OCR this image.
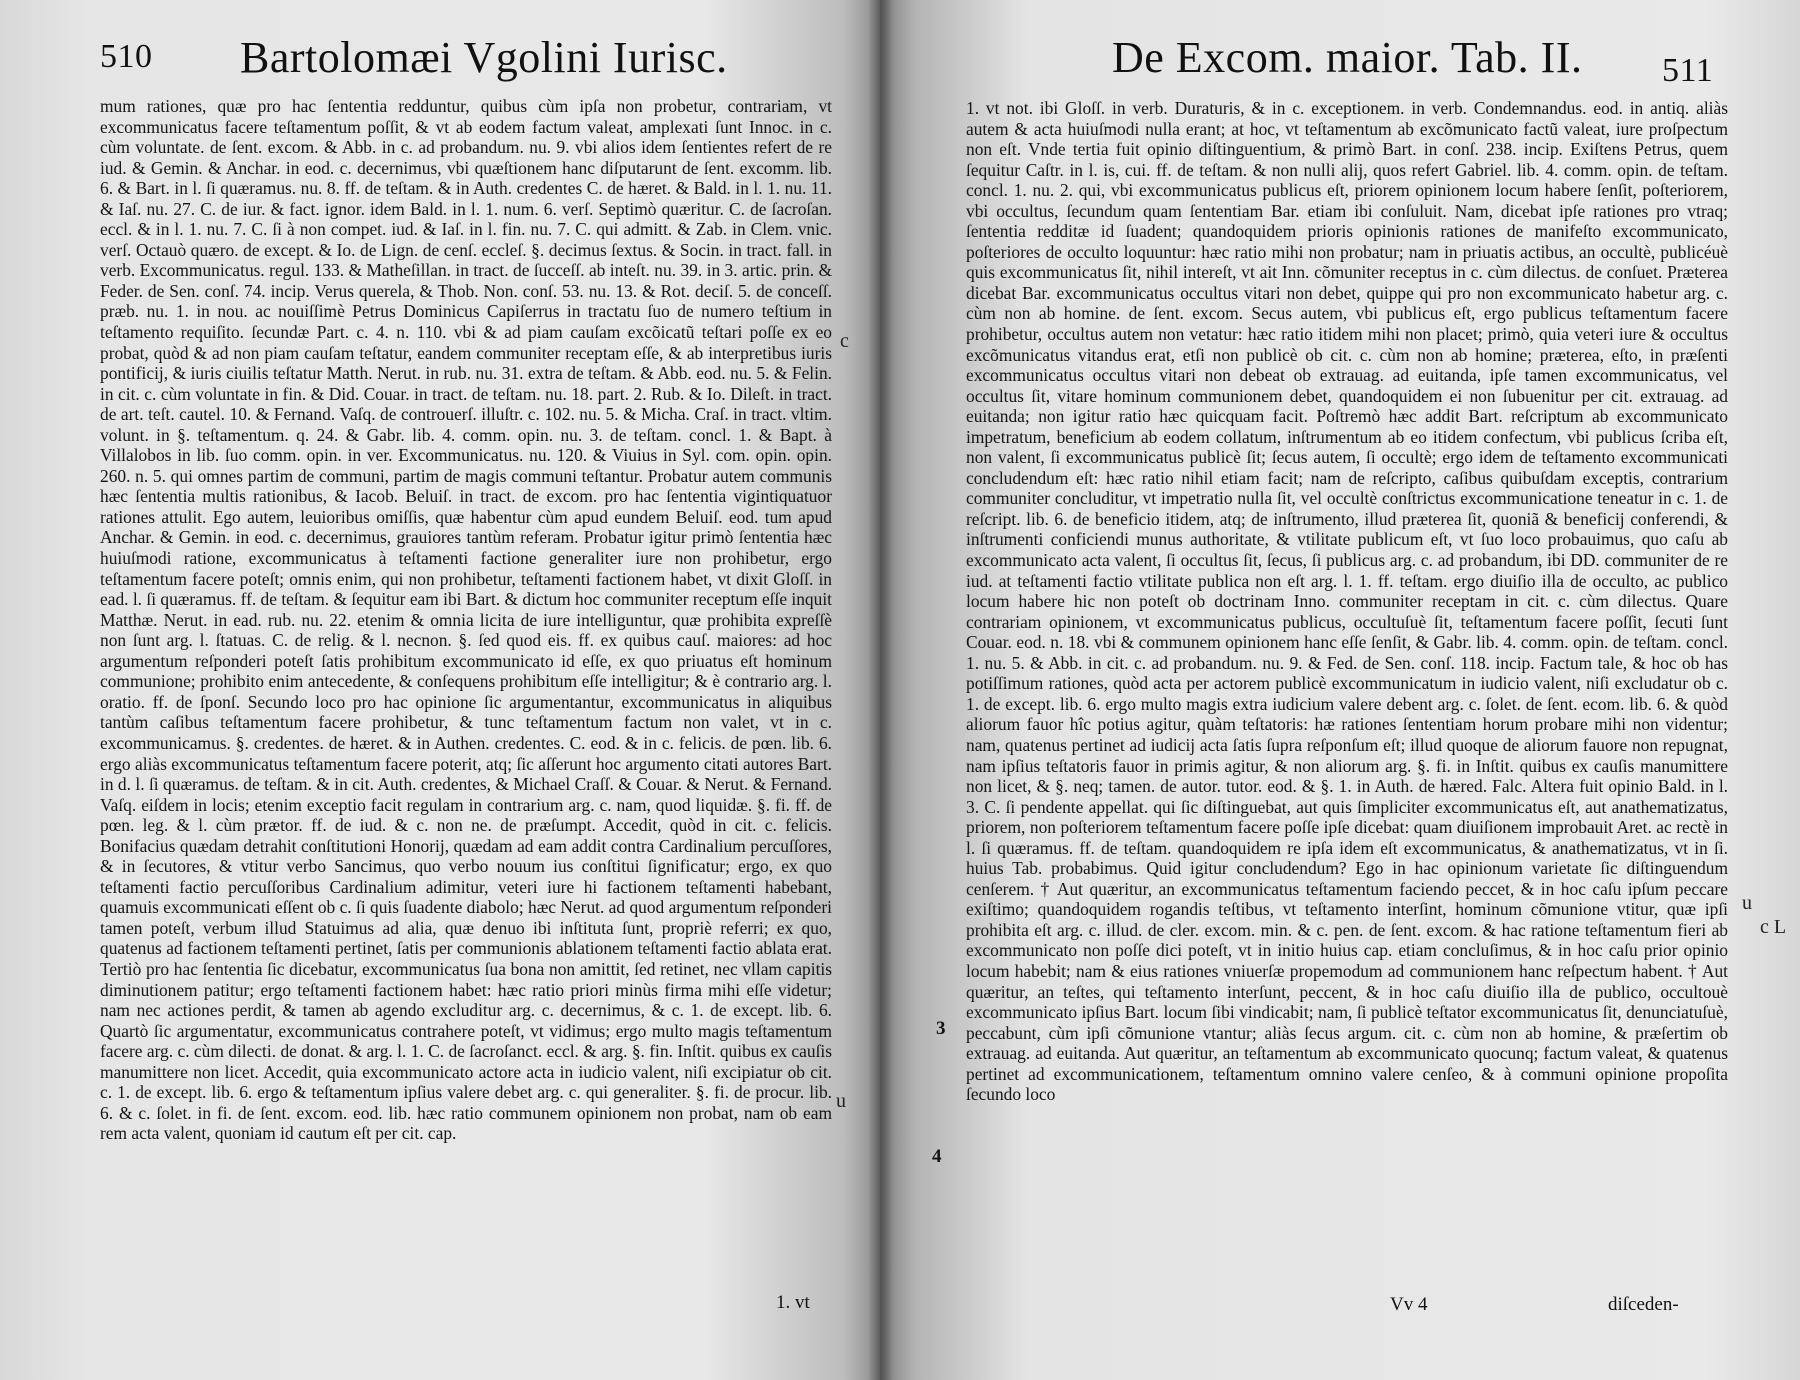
510 Bartolomæi Vgolini Iurisc.

mum rationes, quæ pro hac ſententia redduntur, quibus cùm ipſa non probetur, contrariam, vt excommunicatus facere teſtamentum poſſit, & vt ab eodem factum valeat, amplexati ſunt Innoc. in c. cùm voluntate. de ſent. excom. & Abb. in c. ad probandum. nu. 9. vbi alios idem ſentientes refert de re iud. & Gemin. & Anchar. in eod. c. decernimus, vbi quæſtionem hanc diſputarunt de ſent. excomm. lib. 6. & Bart. in l. ſi quæramus. nu. 8. ff. de teſtam. & in Auth. credentes C. de hæret. & Bald. in l. 1. nu. 11. & Iaſ. nu. 27. C. de iur. & fact. ignor. idem Bald. in l. 1. num. 6. verſ. Septimò quæritur. C. de ſacroſan. eccl. & in l. 1. nu. 7. C. ſi à non compet. iud. & Iaſ. in l. fin. nu. 7. C. qui admitt. & Zab. in Clem. vnic. verſ. Octauò quæro. de except. & Io. de Lign. de cenſ. eccleſ. §. decimus ſextus. & Socin. in tract. fall. in verb. Excommunicatus. regul. 133. & Matheſillan. in tract. de ſucceſſ. ab inteſt. nu. 39. in 3. artic. prin. & Feder. de Sen. conſ. 74. incip. Verus querela, & Thob. Non. conſ. 53. nu. 13. & Rot. deciſ. 5. de conceſſ. præb. nu. 1. in nou. ac nouiſſimè Petrus Dominicus Capiſerrus in tractatu ſuo de numero teſtium in teſtamento requiſito. ſecundæ Part. c. 4. n. 110. vbi & ad piam cauſam excõicatũ teſtari poſſe ex eo probat, quòd & ad non piam cauſam teſtatur, eandem communiter receptam eſſe, & ab interpretibus iuris pontificij, & iuris ciuilis teſtatur Matth. Nerut. in rub. nu. 31. extra de teſtam. & Abb. eod. nu. 5. & Felin. in cit. c. cùm voluntate in fin. & Did. Couar. in tract. de teſtam. nu. 18. part. 2. Rub. & Io. Dileſt. in tract. de art. teſt. cautel. 10. & Fernand. Vaſq. de controuerſ. illuſtr. c. 102. nu. 5. & Micha. Craſ. in tract. vltim. volunt. in §. teſtamentum. q. 24. & Gabr. lib. 4. comm. opin. nu. 3. de teſtam. concl. 1. & Bapt. à Villalobos in lib. ſuo comm. opin. in ver. Excommunicatus. nu. 120. & Viuius in Syl. com. opin. opin. 260. n. 5. qui omnes partim de communi, partim de magis communi teſtantur. Probatur autem communis hæc ſententia multis rationibus, & Iacob. Beluiſ. in tract. de excom. pro hac ſententia vigintiquatuor rationes attulit. Ego autem, leuioribus omiſſis, quæ habentur cùm apud eundem Beluiſ. eod. tum apud Anchar. & Gemin. in eod. c. decernimus, grauiores tantùm referam. Probatur igitur primò ſententia hæc huiuſmodi ratione, excommunicatus à teſtamenti factione generaliter iure non prohibetur, ergo teſtamentum facere poteſt; omnis enim, qui non prohibetur, teſtamenti factionem habet, vt dixit Gloſſ. in ead. l. ſi quæramus. ff. de teſtam. & ſequitur eam ibi Bart. & dictum hoc communiter receptum eſſe inquit Matthæ. Nerut. in ead. rub. nu. 22. etenim & omnia licita de iure intelliguntur, quæ prohibita expreſſè non ſunt arg. l. ſtatuas. C. de relig. & l. necnon. §. ſed quod eis. ff. ex quibus cauſ. maiores: ad hoc argumentum reſponderi poteſt ſatis prohibitum excommunicato id eſſe, ex quo priuatus eſt hominum communione; prohibito enim antecedente, & conſequens prohibitum eſſe intelligitur; & è contrario arg. l. oratio. ff. de ſponſ. Secundo loco pro hac opinione ſic argumentantur, excommunicatus in aliquibus tantùm caſibus teſtamentum facere prohibetur, & tunc teſtamentum factum non valet, vt in c. excommunicamus. §. credentes. de hæret. & in Authen. credentes. C. eod. & in c. felicis. de pœn. lib. 6. ergo aliàs excommunicatus teſtamentum facere poterit, atq; ſic aſſerunt hoc argumento citati autores Bart. in d. l. ſi quæramus. de teſtam. & in cit. Auth. credentes, & Michael Craſſ. & Couar. & Nerut. & Fernand. Vaſq. eiſdem in locis; etenim exceptio facit regulam in contrarium arg. c. nam, quod liquidæ. §. fi. ff. de pœn. leg. & l. cùm prætor. ff. de iud. & c. non ne. de præſumpt. Accedit, quòd in cit. c. felicis. Bonifacius quædam detrahit conſtitutioni Honorij, quædam ad eam addit contra Cardinalium percuſſores, & in ſecutores, & vtitur verbo Sancimus, quo verbo nouum ius conſtitui ſignificatur; ergo, ex quo teſtamenti factio percuſſoribus Cardinalium adimitur, veteri iure hi factionem teſtamenti habebant, quamuis excommunicati eſſent ob c. ſi quis ſuadente diabolo; hæc Nerut. ad quod argumentum reſponderi tamen poteſt, verbum illud Statuimus ad alia, quæ denuo ibi inſtituta ſunt, propriè referri; ex quo, quatenus ad factionem teſtamenti pertinet, ſatis per communionis ablationem teſtamenti factio ablata erat. Tertiò pro hac ſententia ſic dicebatur, excommunicatus ſua bona non amittit, ſed retinet, nec vllam capitis diminutionem patitur; ergo teſtamenti factionem habet: hæc ratio priori minùs firma mihi eſſe videtur; nam nec actiones perdit, & tamen ab agendo excluditur arg. c. decernimus, & c. 1. de except. lib. 6. Quartò ſic argumentatur, excommunicatus contrahere poteſt, vt vidimus; ergo multo magis teſtamentum facere arg. c. cùm dilecti. de donat. & arg. l. 1. C. de ſacroſanct. eccl. & arg. §. fin. Inſtit. quibus ex cauſis manumittere non licet. Accedit, quia excommunicato actore acta in iudicio valent, niſi excipiatur ob cit. c. 1. de except. lib. 6. ergo & teſtamentum ipſius valere debet arg. c. qui generaliter. §. fi. de procur. lib. 6. & c. ſolet. in fi. de ſent. excom. eod. lib. hæc ratio communem opinionem non probat, nam ob eam rem acta valent, quoniam id cautum eſt per cit. cap.

1. vt
c
u
De Excom. maior. Tab. II. 511

1. vt not. ibi Gloſſ. in verb. Duraturis, & in c. exceptionem. in verb. Condemnandus. eod. in antiq. aliàs autem & acta huiuſmodi nulla erant; at hoc, vt teſtamentum ab excõmunicato factũ valeat, iure proſpectum non eſt. Vnde tertia fuit opinio diſtinguentium, & primò Bart. in conſ. 238. incip. Exiſtens Petrus, quem ſequitur Caſtr. in l. is, cui. ff. de teſtam. & non nulli alij, quos refert Gabriel. lib. 4. comm. opin. de teſtam. concl. 1. nu. 2. qui, vbi excommunicatus publicus eſt, priorem opinionem locum habere ſenſit, poſteriorem, vbi occultus, ſecundum quam ſententiam Bar. etiam ibi conſuluit. Nam, dicebat ipſe rationes pro vtraq; ſententia redditæ id ſuadent; quandoquidem prioris opinionis rationes de manifeſto excommunicato, poſteriores de occulto loquuntur: hæc ratio mihi non probatur; nam in priuatis actibus, an occultè, publicéuè quis excommunicatus ſit, nihil intereſt, vt ait Inn. cõmuniter receptus in c. cùm dilectus. de conſuet. Præterea dicebat Bar. excommunicatus occultus vitari non debet, quippe qui pro non excommunicato habetur arg. c. cùm non ab homine. de ſent. excom. Secus autem, vbi publicus eſt, ergo publicus teſtamentum facere prohibetur, occultus autem non vetatur: hæc ratio itidem mihi non placet; primò, quia veteri iure & occultus excõmunicatus vitandus erat, etſi non publicè ob cit. c. cùm non ab homine; præterea, eſto, in præſenti excommunicatus occultus vitari non debeat ob extrauag. ad euitanda, ipſe tamen excommunicatus, vel occultus ſit, vitare hominum communionem debet, quandoquidem ei non ſubuenitur per cit. extrauag. ad euitanda; non igitur ratio hæc quicquam facit. Poſtremò hæc addit Bart. reſcriptum ab excommunicato impetratum, beneficium ab eodem collatum, inſtrumentum ab eo itidem confectum, vbi publicus ſcriba eſt, non valent, ſi excommunicatus publicè ſit; ſecus autem, ſi occultè; ergo idem de teſtamento excommunicati concludendum eſt: hæc ratio nihil etiam facit; nam de reſcripto, caſibus quibuſdam exceptis, contrarium communiter concluditur, vt impetratio nulla ſit, vel occultè conſtrictus excommunicatione teneatur in c. 1. de reſcript. lib. 6. de beneficio itidem, atq; de inſtrumento, illud præterea ſit, quoniã & beneficij conferendi, & inſtrumenti conficiendi munus authoritate, & vtilitate publicum eſt, vt ſuo loco probauimus, quo caſu ab excommunicato acta valent, ſi occultus ſit, ſecus, ſi publicus arg. c. ad probandum, ibi DD. communiter de re iud. at teſtamenti factio vtilitate publica non eſt arg. l. 1. ff. teſtam. ergo diuiſio illa de occulto, ac publico locum habere hic non poteſt ob doctrinam Inno. communiter receptam in cit. c. cùm dilectus. Quare contrariam opinionem, vt excommunicatus publicus, occultuſuè ſit, teſtamentum facere poſſit, ſecuti ſunt Couar. eod. n. 18. vbi & communem opinionem hanc eſſe ſenſit, & Gabr. lib. 4. comm. opin. de teſtam. concl. 1. nu. 5. & Abb. in cit. c. ad probandum. nu. 9. & Fed. de Sen. conſ. 118. incip. Factum tale, & hoc ob has potiſſimum rationes, quòd acta per actorem publicè excommunicatum in iudicio valent, niſi excludatur ob c. 1. de except. lib. 6. ergo multo magis extra iudicium valere debent arg. c. ſolet. de ſent. ecom. lib. 6. & quòd aliorum fauor hîc potius agitur, quàm teſtatoris: hæ rationes ſententiam horum probare mihi non videntur; nam, quatenus pertinet ad iudicij acta ſatis ſupra reſponſum eſt; illud quoque de aliorum fauore non repugnat, nam ipſius teſtatoris fauor in primis agitur, & non aliorum arg. §. fi. in Inſtit. quibus ex cauſis manumittere non licet, & §. neq; tamen. de autor. tutor. eod. & §. 1. in Auth. de hæred. Falc. Altera fuit opinio Bald. in l. 3. C. ſi pendente appellat. qui ſic diſtinguebat, aut quis ſimpliciter excommunicatus eſt, aut anathematizatus, priorem, non poſteriorem teſtamentum facere poſſe ipſe dicebat: quam diuiſionem improbauit Aret. ac rectè in l. ſi quæramus. ff. de teſtam. quandoquidem re ipſa idem eſt excommunicatus, & anathematizatus, vt in ſi. huius Tab. probabimus. Quid igitur concludendum? Ego in hac opinionum varietate ſic diſtinguendum cenſerem. † Aut quæritur, an excommunicatus teſtamentum faciendo peccet, & in hoc caſu ipſum peccare exiſtimo; quandoquidem rogandis teſtibus, vt teſtamento interſint, hominum cõmunione vtitur, quæ ipſi prohibita eſt arg. c. illud. de cler. excom. min. & c. pen. de ſent. excom. & hac ratione teſtamentum fieri ab excommunicato non poſſe dici poteſt, vt in initio huius cap. etiam concluſimus, & in hoc caſu prior opinio locum habebit; nam & eius rationes vniuerſæ propemodum ad communionem hanc reſpectum habent. † Aut quæritur, an teſtes, qui teſtamento interſunt, peccent, & in hoc caſu diuiſio illa de publico, occultouè excommunicato ipſius Bart. locum ſibi vindicabit; nam, ſi publicè teſtator excommunicatus ſit, denunciatuſuè, peccabunt, cùm ipſi cõmunione vtantur; aliàs ſecus argum. cit. c. cùm non ab homine, & præſertim ob extrauag. ad euitanda. Aut quæritur, an teſtamentum ab excommunicato quocunq; factum valeat, & quatenus pertinet ad excommunicationem, teſtamentum omnino valere cenſeo, & à communi opinione propoſita ſecundo loco

Vv 4	diſceden-
3
4
u
c L
